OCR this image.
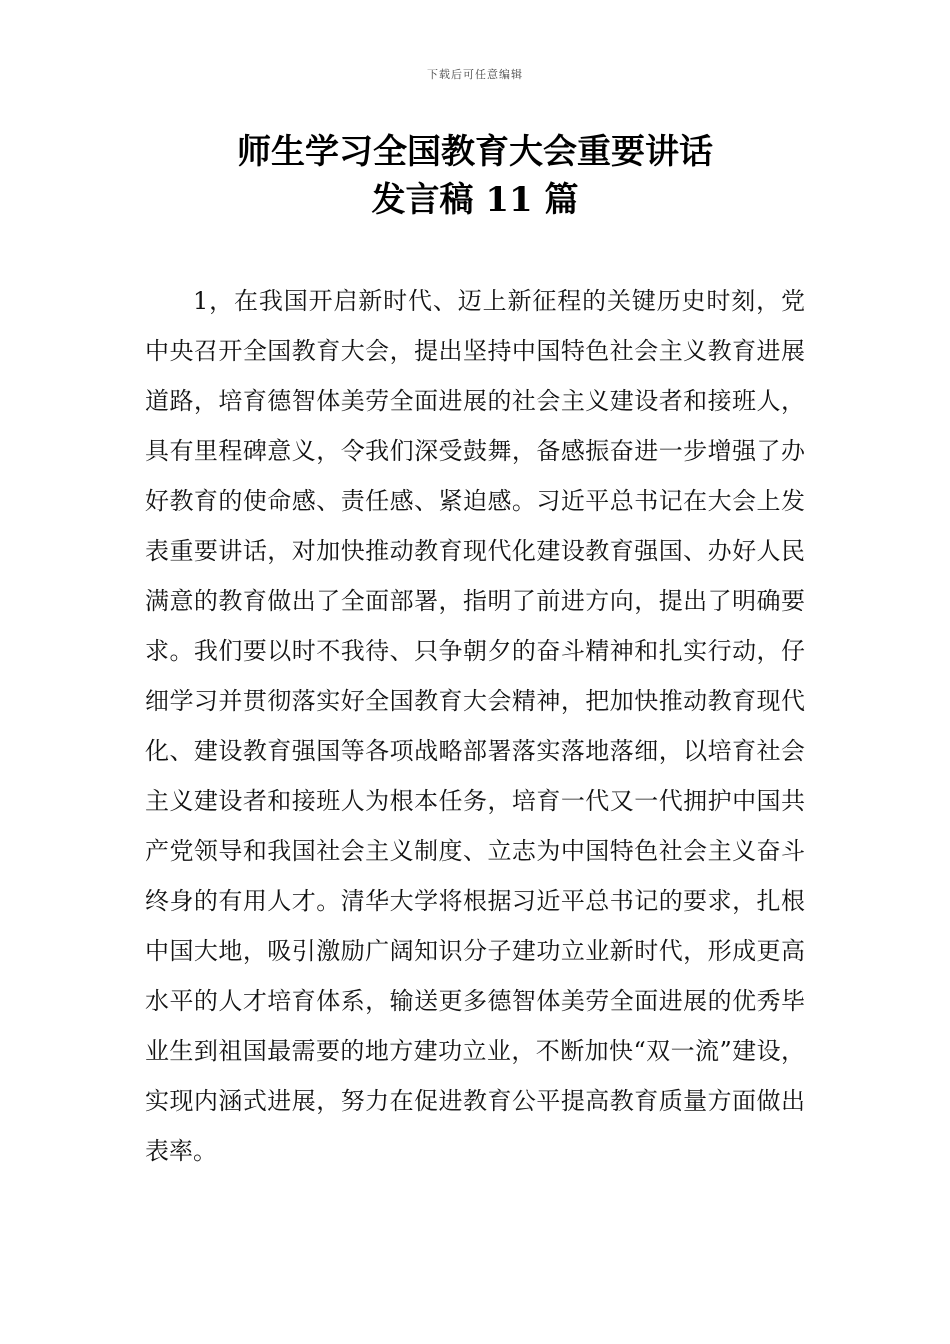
下载后可任意编辑
师生学习全国教育大会重要讲话
发言稿 11 篇

1，在我国开启新时代、迈上新征程的关键历史时刻，党中央召开全国教育大会，提出坚持中国特色社会主义教育进展道路，培育德智体美劳全面进展的社会主义建设者和接班人，具有里程碑意义，令我们深受鼓舞，备感振奋进一步增强了办好教育的使命感、责任感、紧迫感。习近平总书记在大会上发表重要讲话，对加快推动教育现代化建设教育强国、办好人民满意的教育做出了全面部署，指明了前进方向，提出了明确要求。我们要以时不我待、只争朝夕的奋斗精神和扎实行动，仔细学习并贯彻落实好全国教育大会精神，把加快推动教育现代化、建设教育强国等各项战略部署落实落地落细，以培育社会主义建设者和接班人为根本任务，培育一代又一代拥护中国共产党领导和我国社会主义制度、立志为中国特色社会主义奋斗终身的有用人才。清华大学将根据习近平总书记的要求，扎根中国大地，吸引激励广阔知识分子建功立业新时代，形成更高水平的人才培育体系，输送更多德智体美劳全面进展的优秀毕业生到祖国最需要的地方建功立业，不断加快“双一流”建设，实现内涵式进展，努力在促进教育公平提高教育质量方面做出表率。
